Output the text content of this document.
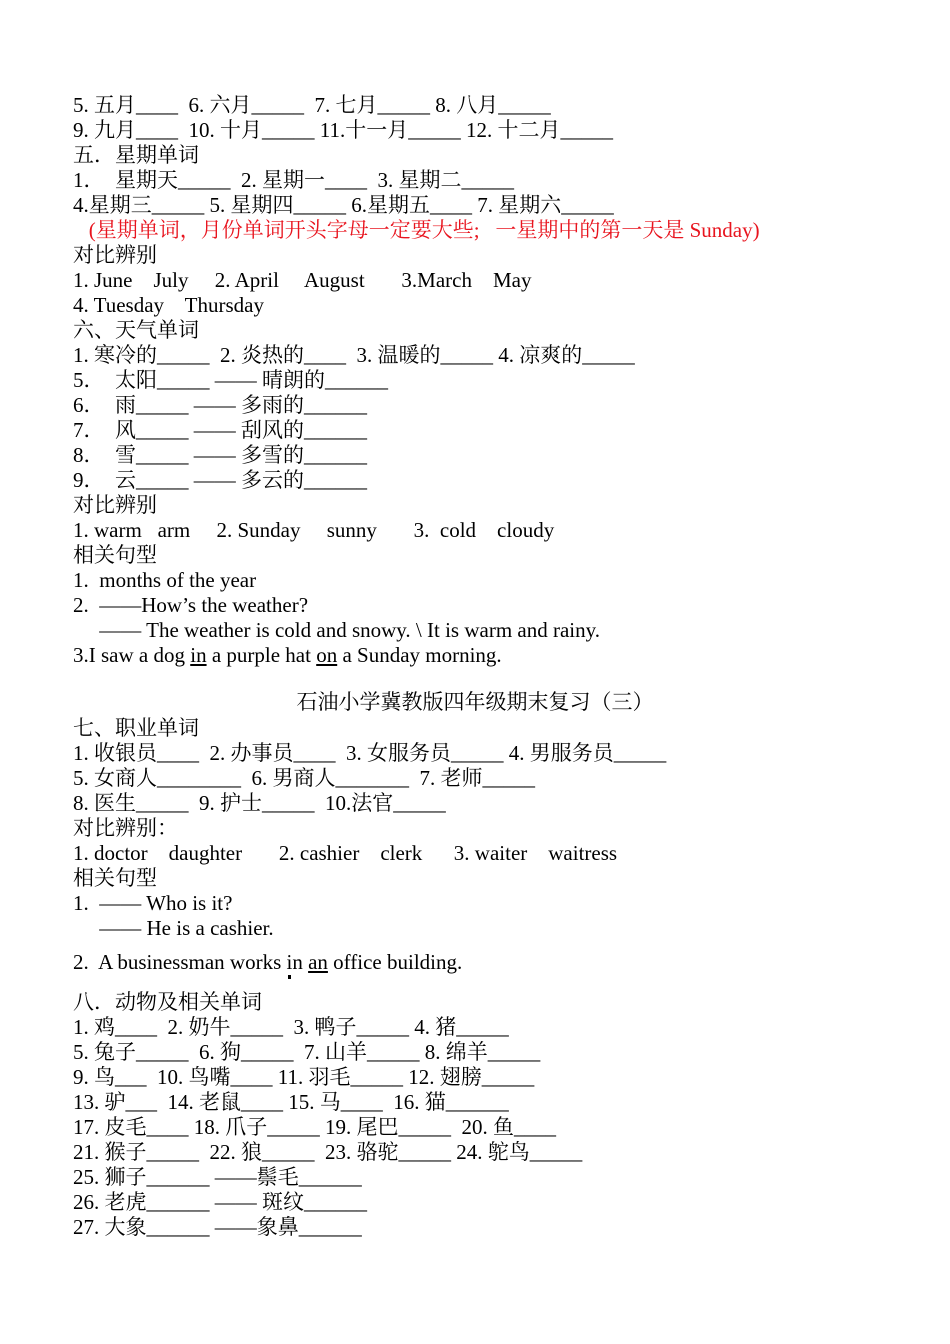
5. 五月____  6. 六月_____  7. 七月_____ 8. 八月_____
9. 九月____  10. 十月_____ 11.十一月_____ 12. 十二月_____
五．星期单词
1．  星期天_____  2. 星期一____  3. 星期二_____
4.星期三_____ 5. 星期四_____ 6.星期五____ 7. 星期六_____
(星期单词，月份单词开头字母一定要大些;   一星期中的第一天是 Sunday)
对比辨别
1. June    July     2. April     August       3.March    May
4. Tuesday    Thursday
六、天气单词
1. 寒冷的_____  2. 炎热的____  3. 温暖的_____ 4. 凉爽的_____
5．  太阳_____ —— 晴朗的______
6．  雨_____ —— 多雨的______
7．  风_____ —— 刮风的______
8．  雪_____ —— 多雪的______
9．  云_____ —— 多云的______
对比辨别
1. warm   arm     2. Sunday     sunny       3.  cold    cloudy
相关句型
1.  months of the year
2.  ——How’s the weather?
—— The weather is cold and snowy. \ It is warm and rainy.
3.I saw a dog in a purple hat on a Sunday morning.
石油小学冀教版四年级期末复习（三）
七、职业单词
1. 收银员____  2. 办事员____  3. 女服务员_____ 4. 男服务员_____
5. 女商人________  6. 男商人_______  7. 老师_____
8. 医生_____  9. 护士_____  10.法官_____
对比辨别：
1. doctor    daughter       2. cashier    clerk      3. waiter    waitress
相关句型
1.  —— Who is it?
—— He is a cashier.
2.  A businessman works in an office building.
八．动物及相关单词
1. 鸡____  2. 奶牛_____  3. 鸭子_____ 4. 猪_____
5. 兔子_____  6. 狗_____  7. 山羊_____ 8. 绵羊_____
9. 鸟___  10. 鸟嘴____ 11. 羽毛_____ 12. 翅膀_____
13. 驴___  14. 老鼠____ 15. 马____  16. 猫______
17. 皮毛____ 18. 爪子_____ 19. 尾巴_____  20. 鱼____
21. 猴子_____  22. 狼_____  23. 骆驼_____ 24. 鸵鸟_____
25. 狮子______ ——鬃毛______
26. 老虎______ —— 斑纹______
27. 大象______ ——象鼻______
